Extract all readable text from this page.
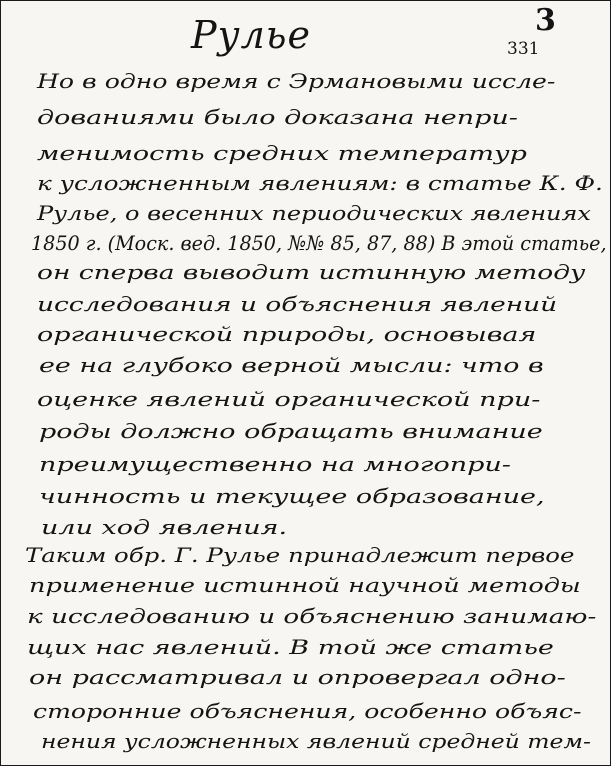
Рулье	3
331
Но в одно время с Эрмановыми иссле-
дованиями было доказана непри-
менимость средних температур
к усложненным явлениям: в статье К. Ф.
Рулье, о весенних периодических явлениях
1850 г. (Моск. вед. 1850, №№ 85, 87, 88) В этой статье,
он сперва выводит истинную методу
исследования и объяснения явлений
органической природы, основывая
ее на глубоко верной мысли: что в
оценке явлений органической при-
роды должно обращать внимание
преимущественно на многопри-
чинность и текущее образование,
или ход явления.
Таким обр. Г. Рулье принадлежит первое
применение истинной научной методы
к исследованию и объяснению занимаю-
щих нас явлений. В той же статье
он рассматривал и опровергал одно-
сторонние объяснения, особенно объяс-
нения усложненных явлений средней тем-
